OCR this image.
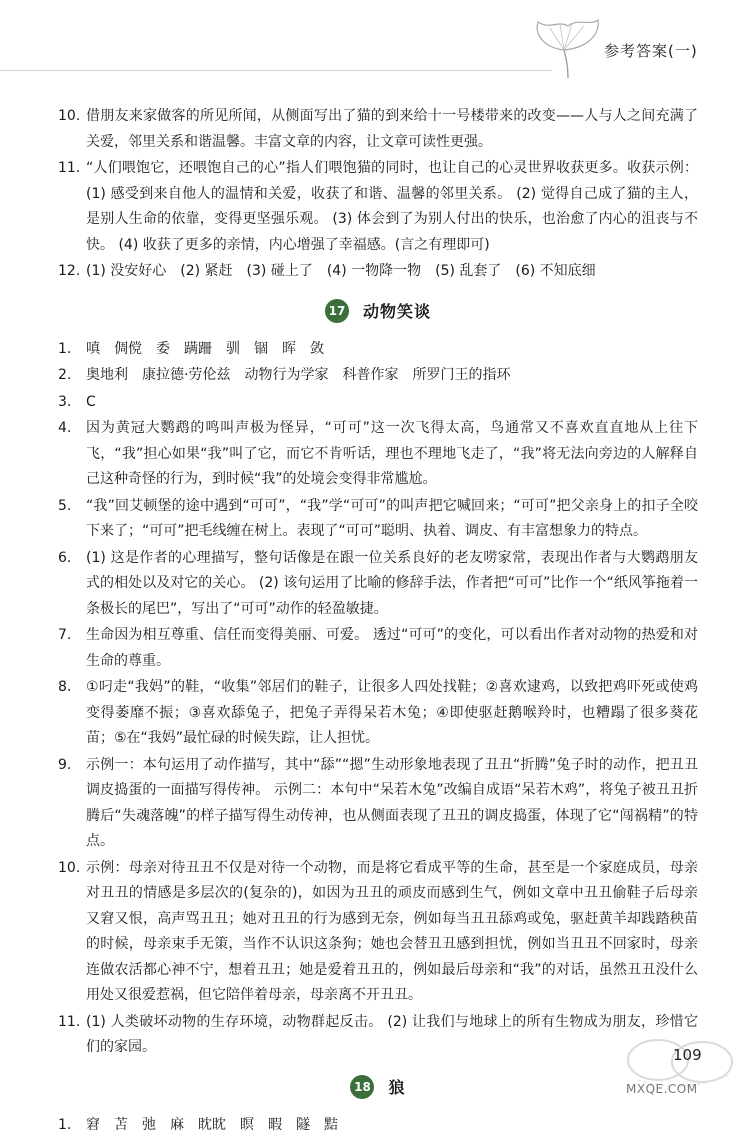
参考答案(一)
10. 借朋友来家做客的所见所闻，从侧面写出了猫的到来给十一号楼带来的改变——人与人之间充满了关爱，邻里关系和谐温馨。丰富文章的内容，让文章可读性更强。
11. “人们喂饱它，还喂饱自己的心”指人们喂饱猫的同时，也让自己的心灵世界收获更多。收获示例：(1) 感受到来自他人的温情和关爱，收获了和谐、温馨的邻里关系。 (2) 觉得自己成了猫的主人，是别人生命的依靠，变得更坚强乐观。 (3) 体会到了为别人付出的快乐，也治愈了内心的沮丧与不快。 (4) 收获了更多的亲情，内心增强了幸福感。(言之有理即可)
12. (1) 没安好心　(2) 紧赶　(3) 碰上了　(4) 一物降一物　(5) 乱套了　(6) 不知底细
17 动物笑谈
1.	嗔　倜傥　委　蹒跚　驯　锢　晖　敛
2.	奥地利　康拉德·劳伦兹　动物行为学家　科普作家　所罗门王的指环
3.	C
4.	因为黄冠大鹦鹉的鸣叫声极为怪异，“可可”这一次飞得太高，鸟通常又不喜欢直直地从上往下飞，“我”担心如果“我”叫了它，而它不肯听话，理也不理地飞走了，“我”将无法向旁边的人解释自己这种奇怪的行为，到时候“我”的处境会变得非常尴尬。
5.	“我”回艾顿堡的途中遇到“可可”，“我”学“可可”的叫声把它喊回来；“可可”把父亲身上的扣子全咬下来了；“可可”把毛线缠在树上。表现了“可可”聪明、执着、调皮、有丰富想象力的特点。
6.	(1) 这是作者的心理描写，整句话像是在跟一位关系良好的老友唠家常，表现出作者与大鹦鹉朋友式的相处以及对它的关心。 (2) 该句运用了比喻的修辞手法，作者把“可可”比作一个“纸风筝拖着一条极长的尾巴”，写出了“可可”动作的轻盈敏捷。
7.	生命因为相互尊重、信任而变得美丽、可爱。 透过“可可”的变化，可以看出作者对动物的热爱和对生命的尊重。
8.	①叼走“我妈”的鞋，“收集”邻居们的鞋子，让很多人四处找鞋；②喜欢逮鸡，以致把鸡吓死或使鸡变得萎靡不振；③喜欢舔兔子，把兔子弄得呆若木兔；④即使驱赶鹅喉羚时，也糟蹋了很多葵花苗；⑤在“我妈”最忙碌的时候失踪，让人担忧。
9.	示例一：本句运用了动作描写，其中“舔”“摁”生动形象地表现了丑丑“折腾”兔子时的动作，把丑丑调皮捣蛋的一面描写得传神。 示例二：本句中“呆若木兔”改编自成语“呆若木鸡”，将兔子被丑丑折腾后“失魂落魄”的样子描写得生动传神，也从侧面表现了丑丑的调皮捣蛋，体现了它“闯祸精”的特点。
10. 示例：母亲对待丑丑不仅是对待一个动物，而是将它看成平等的生命，甚至是一个家庭成员，母亲对丑丑的情感是多层次的(复杂的)，如因为丑丑的顽皮而感到生气，例如文章中丑丑偷鞋子后母亲又窘又恨，高声骂丑丑；她对丑丑的行为感到无奈，例如每当丑丑舔鸡或兔，驱赶黄羊却践踏秧苗的时候，母亲束手无策，当作不认识这条狗；她也会替丑丑感到担忧，例如当丑丑不回家时，母亲连做农活都心神不宁，想着丑丑；她是爱着丑丑的，例如最后母亲和“我”的对话，虽然丑丑没什么用处又很爱惹祸，但它陪伴着母亲，母亲离不开丑丑。
11. (1) 人类破坏动物的生存环境，动物群起反击。 (2) 让我们与地球上的所有生物成为朋友，珍惜它们的家园。
18 狼
1.	窘　苫　弛　麻　眈眈　瞑　暇　隧　黠
109
MXQE.COM
